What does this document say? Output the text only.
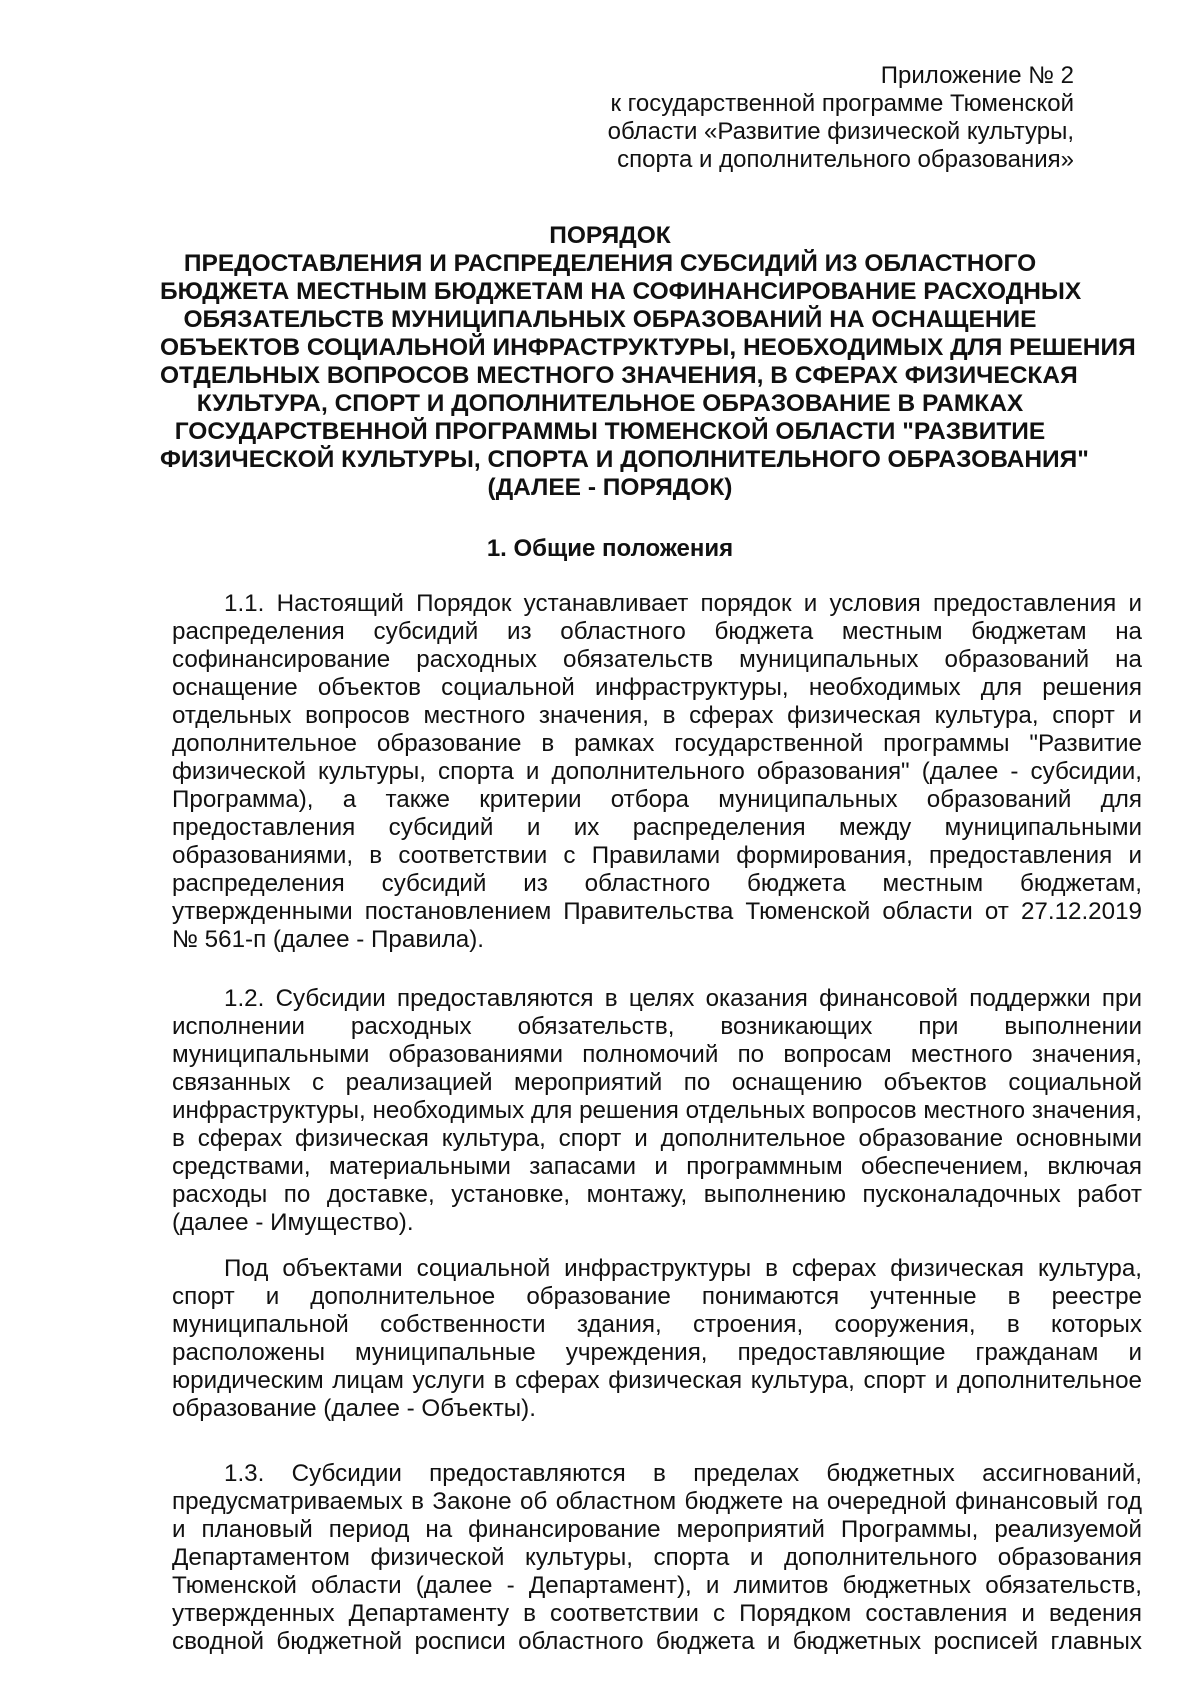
Приложение № 2
к государственной программе Тюменской
области «Развитие физической культуры,
спорта и дополнительного образования»
ПОРЯДОК
ПРЕДОСТАВЛЕНИЯ И РАСПРЕДЕЛЕНИЯ СУБСИДИЙ ИЗ ОБЛАСТНОГО
БЮДЖЕТА МЕСТНЫМ БЮДЖЕТАМ НА СОФИНАНСИРОВАНИЕ РАСХОДНЫХ
ОБЯЗАТЕЛЬСТВ МУНИЦИПАЛЬНЫХ ОБРАЗОВАНИЙ НА ОСНАЩЕНИЕ
ОБЪЕКТОВ СОЦИАЛЬНОЙ ИНФРАСТРУКТУРЫ, НЕОБХОДИМЫХ ДЛЯ РЕШЕНИЯ
ОТДЕЛЬНЫХ ВОПРОСОВ МЕСТНОГО ЗНАЧЕНИЯ, В СФЕРАХ ФИЗИЧЕСКАЯ
КУЛЬТУРА, СПОРТ И ДОПОЛНИТЕЛЬНОЕ ОБРАЗОВАНИЕ В РАМКАХ
ГОСУДАРСТВЕННОЙ ПРОГРАММЫ ТЮМЕНСКОЙ ОБЛАСТИ "РАЗВИТИЕ
ФИЗИЧЕСКОЙ КУЛЬТУРЫ, СПОРТА И ДОПОЛНИТЕЛЬНОГО ОБРАЗОВАНИЯ"
(ДАЛЕЕ - ПОРЯДОК)
1. Общие положения
1.1. Настоящий Порядок устанавливает порядок и условия предоставления и
распределения субсидий из областного бюджета местным бюджетам на
софинансирование расходных обязательств муниципальных образований на
оснащение объектов социальной инфраструктуры, необходимых для решения
отдельных вопросов местного значения, в сферах физическая культура, спорт и
дополнительное образование в рамках государственной программы "Развитие
физической культуры, спорта и дополнительного образования" (далее - субсидии,
Программа), а также критерии отбора муниципальных образований для
предоставления субсидий и их распределения между муниципальными
образованиями, в соответствии с Правилами формирования, предоставления и
распределения субсидий из областного бюджета местным бюджетам,
утвержденными постановлением Правительства Тюменской области от 27.12.2019
№ 561-п (далее - Правила).
1.2. Субсидии предоставляются в целях оказания финансовой поддержки при
исполнении расходных обязательств, возникающих при выполнении
муниципальными образованиями полномочий по вопросам местного значения,
связанных с реализацией мероприятий по оснащению объектов социальной
инфраструктуры, необходимых для решения отдельных вопросов местного значения,
в сферах физическая культура, спорт и дополнительное образование основными
средствами, материальными запасами и программным обеспечением, включая
расходы по доставке, установке, монтажу, выполнению пусконаладочных работ
(далее - Имущество).
Под объектами социальной инфраструктуры в сферах физическая культура,
спорт и дополнительное образование понимаются учтенные в реестре
муниципальной собственности здания, строения, сооружения, в которых
расположены муниципальные учреждения, предоставляющие гражданам и
юридическим лицам услуги в сферах физическая культура, спорт и дополнительное
образование (далее - Объекты).
1.3. Субсидии предоставляются в пределах бюджетных ассигнований,
предусматриваемых в Законе об областном бюджете на очередной финансовый год
и плановый период на финансирование мероприятий Программы, реализуемой
Департаментом физической культуры, спорта и дополнительного образования
Тюменской области (далее - Департамент), и лимитов бюджетных обязательств,
утвержденных Департаменту в соответствии с Порядком составления и ведения
сводной бюджетной росписи областного бюджета и бюджетных росписей главных
